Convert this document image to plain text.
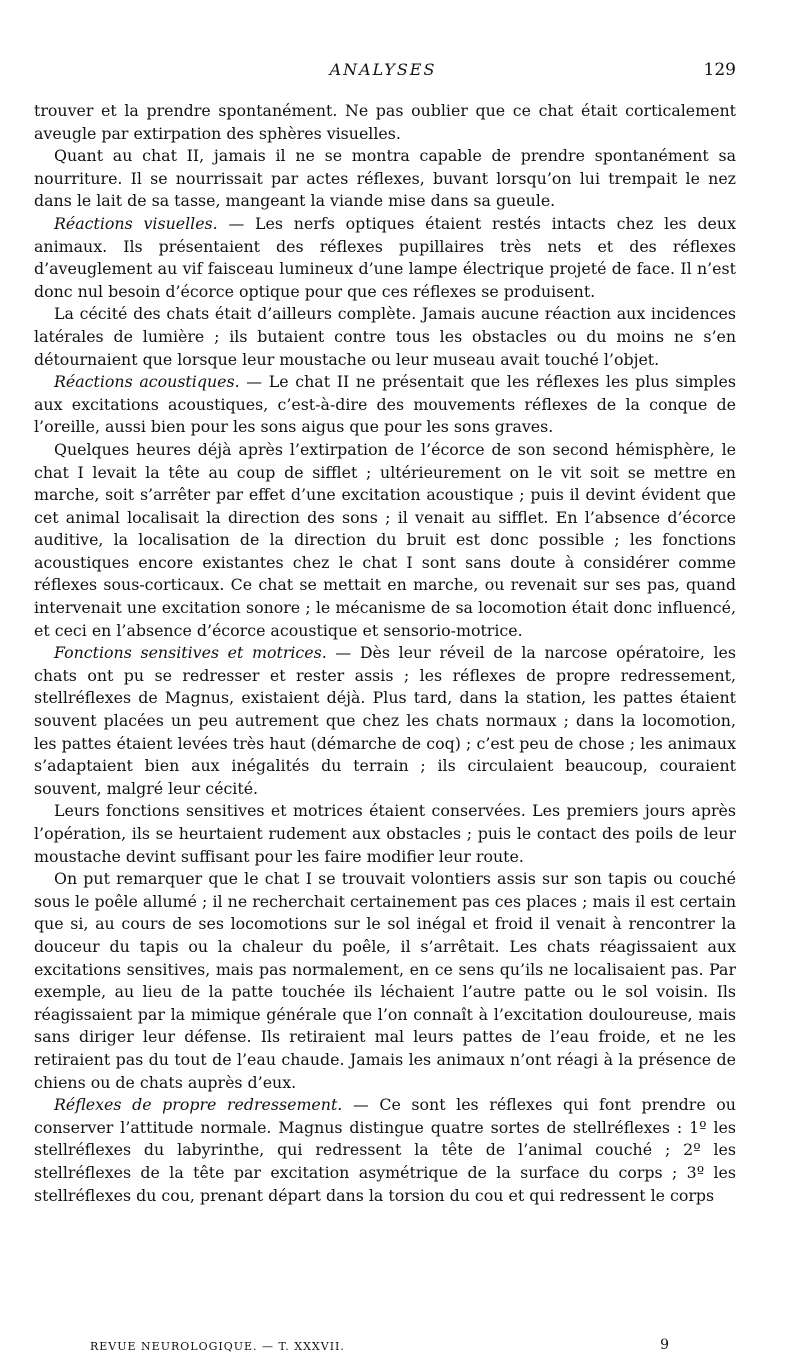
ANALYSES	129

trouver et la prendre spontanément. Ne pas oublier que ce chat était corticalement aveugle par extirpation des sphères visuelles.

Quant au chat II, jamais il ne se montra capable de prendre spontanément sa nourriture. Il se nourrissait par actes réflexes, buvant lorsqu’on lui trempait le nez dans le lait de sa tasse, mangeant la viande mise dans sa gueule.

Réactions visuelles. — Les nerfs optiques étaient restés intacts chez les deux animaux. Ils présentaient des réflexes pupillaires très nets et des réflexes d’aveuglement au vif faisceau lumineux d’une lampe électrique projeté de face. Il n’est donc nul besoin d’écorce optique pour que ces réflexes se produisent.

La cécité des chats était d’ailleurs complète. Jamais aucune réaction aux incidences latérales de lumière ; ils butaient contre tous les obstacles ou du moins ne s’en détournaient que lorsque leur moustache ou leur museau avait touché l’objet.

Réactions acoustiques. — Le chat II ne présentait que les réflexes les plus simples aux excitations acoustiques, c’est-à-dire des mouvements réflexes de la conque de l’oreille, aussi bien pour les sons aigus que pour les sons graves.

Quelques heures déjà après l’extirpation de l’écorce de son second hémisphère, le chat I levait la tête au coup de sifflet ; ultérieurement on le vit soit se mettre en marche, soit s’arrêter par effet d’une excitation acoustique ; puis il devint évident que cet animal localisait la direction des sons ; il venait au sifflet. En l’absence d’écorce auditive, la localisation de la direction du bruit est donc possible ; les fonctions acoustiques encore existantes chez le chat I sont sans doute à considérer comme réflexes sous-corticaux. Ce chat se mettait en marche, ou revenait sur ses pas, quand intervenait une excitation sonore ; le mécanisme de sa locomotion était donc influencé, et ceci en l’absence d’écorce acoustique et sensorio-motrice.

Fonctions sensitives et motrices. — Dès leur réveil de la narcose opératoire, les chats ont pu se redresser et rester assis ; les réflexes de propre redressement, stellréflexes de Magnus, existaient déjà. Plus tard, dans la station, les pattes étaient souvent placées un peu autrement que chez les chats normaux ; dans la locomotion, les pattes étaient levées très haut (démarche de coq) ; c’est peu de chose ; les animaux s’adaptaient bien aux inégalités du terrain ; ils circulaient beaucoup, couraient souvent, malgré leur cécité.

Leurs fonctions sensitives et motrices étaient conservées. Les premiers jours après l’opération, ils se heurtaient rudement aux obstacles ; puis le contact des poils de leur moustache devint suffisant pour les faire modifier leur route.

On put remarquer que le chat I se trouvait volontiers assis sur son tapis ou couché sous le poêle allumé ; il ne recherchait certainement pas ces places ; mais il est certain que si, au cours de ses locomotions sur le sol inégal et froid il venait à rencontrer la douceur du tapis ou la chaleur du poêle, il s’arrêtait. Les chats réagissaient aux excitations sensitives, mais pas normalement, en ce sens qu’ils ne localisaient pas. Par exemple, au lieu de la patte touchée ils léchaient l’autre patte ou le sol voisin. Ils réagissaient par la mimique générale que l’on connaît à l’excitation douloureuse, mais sans diriger leur défense. Ils retiraient mal leurs pattes de l’eau froide, et ne les retiraient pas du tout de l’eau chaude. Jamais les animaux n’ont réagi à la présence de chiens ou de chats auprès d’eux.

Réflexes de propre redressement. — Ce sont les réflexes qui font prendre ou conserver l’attitude normale. Magnus distingue quatre sortes de stellréflexes : 1º les stellréflexes du labyrinthe, qui redressent la tête de l’animal couché ; 2º les stellréflexes de la tête par excitation asymétrique de la surface du corps ; 3º les stellréflexes du cou, prenant départ dans la torsion du cou et qui redressent le corps

REVUE NEUROLOGIQUE. — T. XXXVII.	9
